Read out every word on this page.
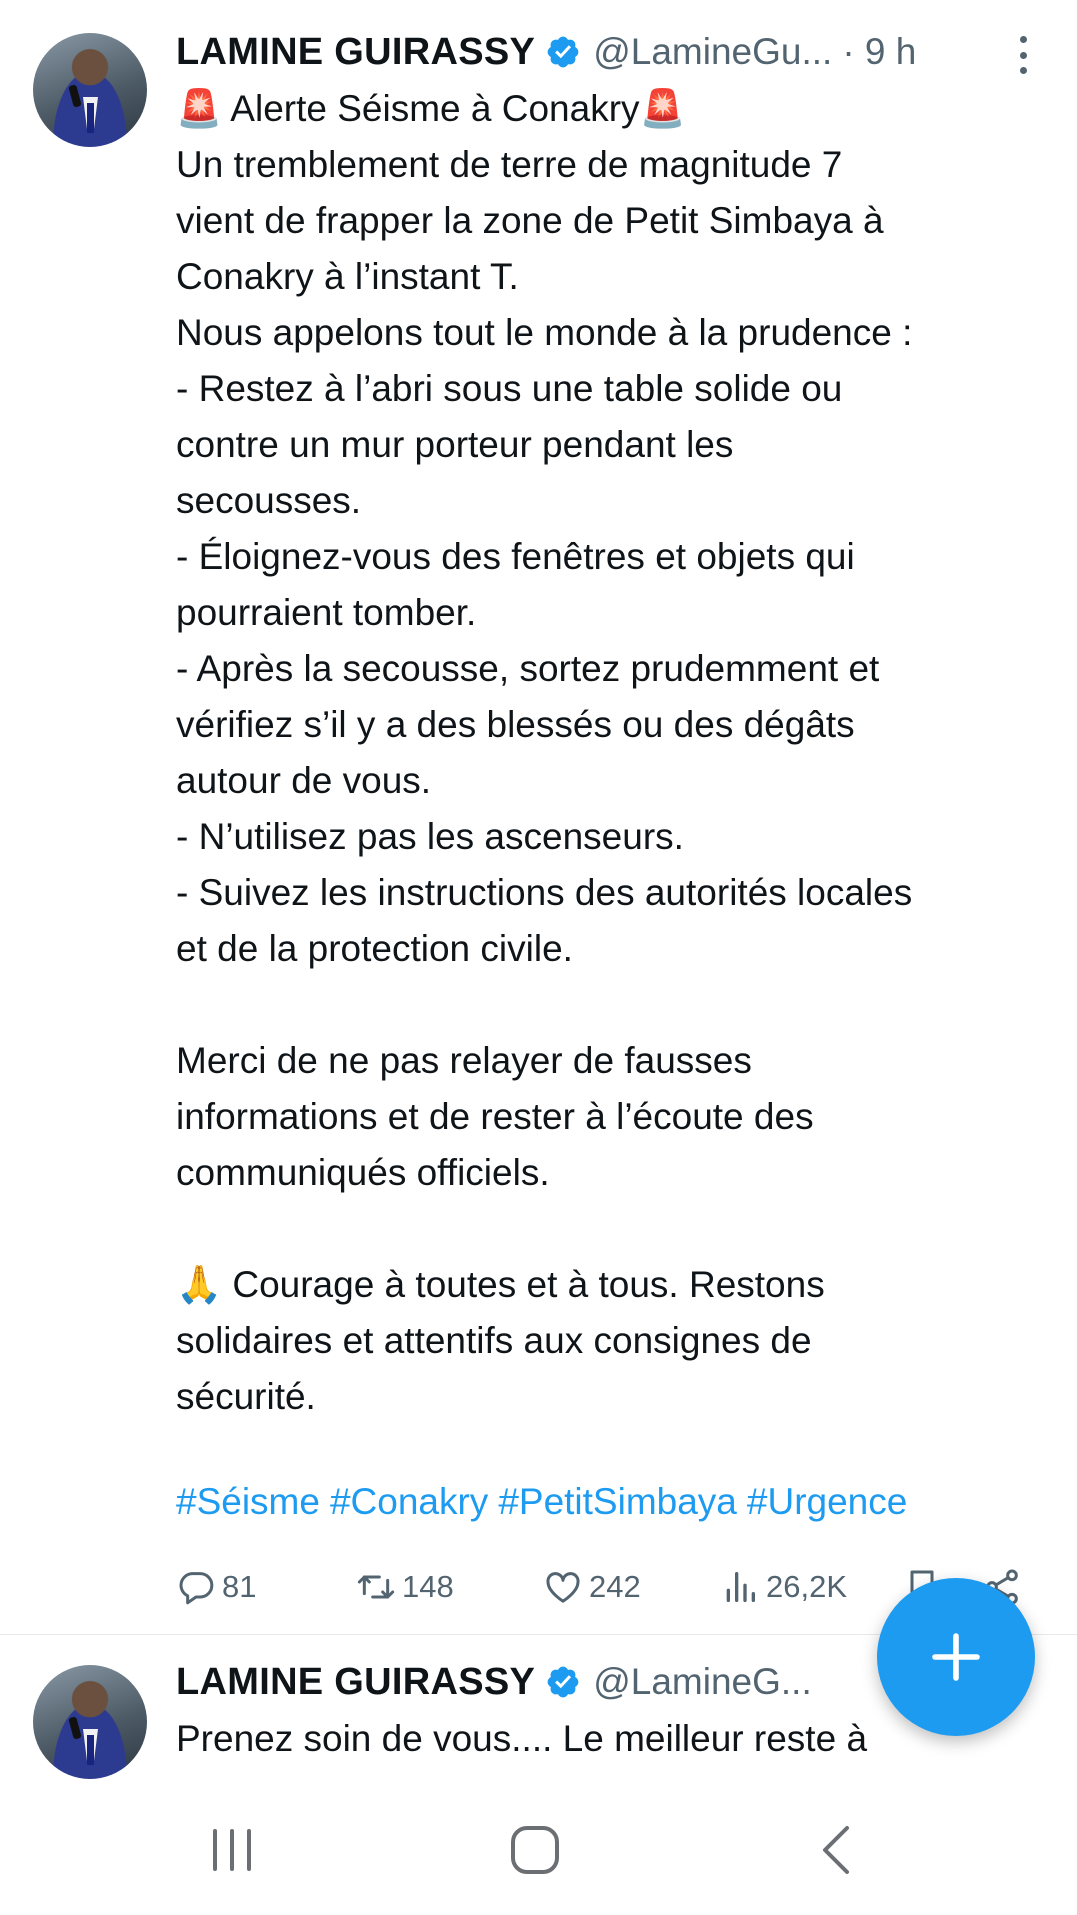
LAMINE GUIRASSY @LamineGu... · 9 h
🚨 Alerte Séisme à Conakry🚨
Un tremblement de terre de magnitude 7
vient de frapper la zone de Petit Simbaya à
Conakry à l’instant T.
Nous appelons tout le monde à la prudence :
- Restez à l’abri sous une table solide ou
contre un mur porteur pendant les
secousses.
- Éloignez-vous des fenêtres et objets qui
pourraient tomber.
- Après la secousse, sortez prudemment et
vérifiez s’il y a des blessés ou des dégâts
autour de vous.
- N’utilisez pas les ascenseurs.
- Suivez les instructions des autorités locales
et de la protection civile.
Merci de ne pas relayer de fausses
informations et de rester à l’écoute des
communiqués officiels.
🙏 Courage à toutes et à tous. Restons
solidaires et attentifs aux consignes de
sécurité.
#Séisme #Conakry #PetitSimbaya #Urgence
81	148	242	26,2K
LAMINE GUIRASSY @LamineG...
Prenez soin de vous.... Le meilleur reste à
